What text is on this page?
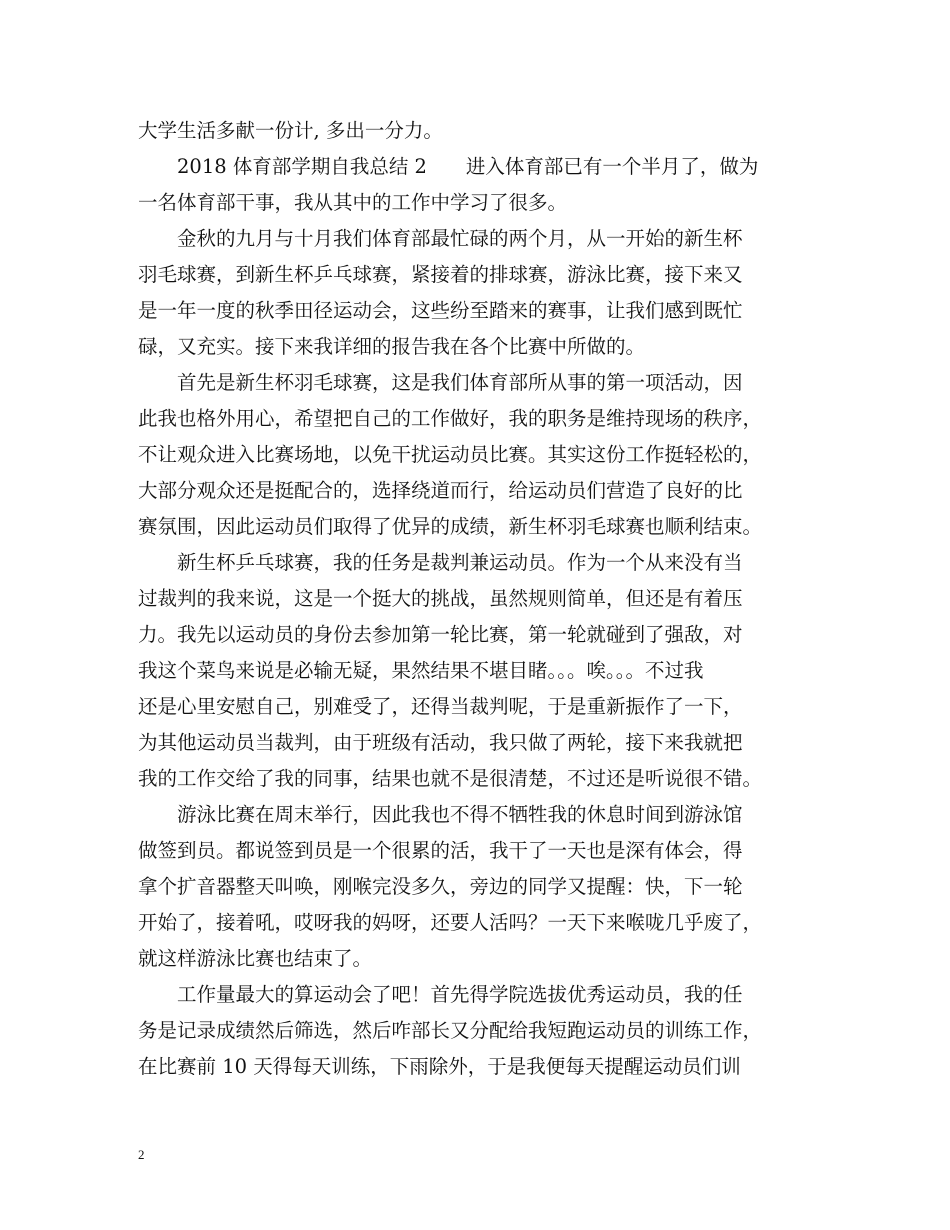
大学生活多献一份计, 多出一分力。
　　2018 体育部学期自我总结 2　　进入体育部已有一个半月了，做为
一名体育部干事，我从其中的工作中学习了很多。
　　金秋的九月与十月我们体育部最忙碌的两个月，从一开始的新生杯
羽毛球赛，到新生杯乒乓球赛，紧接着的排球赛，游泳比赛，接下来又
是一年一度的秋季田径运动会，这些纷至踏来的赛事，让我们感到既忙
碌，又充实。接下来我详细的报告我在各个比赛中所做的。
　　首先是新生杯羽毛球赛，这是我们体育部所从事的第一项活动，因
此我也格外用心，希望把自己的工作做好，我的职务是维持现场的秩序，
不让观众进入比赛场地，以免干扰运动员比赛。其实这份工作挺轻松的，
大部分观众还是挺配合的，选择绕道而行，给运动员们营造了良好的比
赛氛围，因此运动员们取得了优异的成绩，新生杯羽毛球赛也顺利结束。
　　新生杯乒乓球赛，我的任务是裁判兼运动员。作为一个从来没有当
过裁判的我来说，这是一个挺大的挑战，虽然规则简单，但还是有着压
力。我先以运动员的身份去参加第一轮比赛，第一轮就碰到了强敌，对
我这个菜鸟来说是必输无疑，果然结果不堪目睹。。。唉。。。不过我
还是心里安慰自己，别难受了，还得当裁判呢，于是重新振作了一下，
为其他运动员当裁判，由于班级有活动，我只做了两轮，接下来我就把
我的工作交给了我的同事，结果也就不是很清楚，不过还是听说很不错。
　　游泳比赛在周末举行，因此我也不得不牺牲我的休息时间到游泳馆
做签到员。都说签到员是一个很累的活，我干了一天也是深有体会，得
拿个扩音器整天叫唤，刚喉完没多久，旁边的同学又提醒：快，下一轮
开始了，接着吼，哎呀我的妈呀，还要人活吗？一天下来喉咙几乎废了，
就这样游泳比赛也结束了。
　　工作量最大的算运动会了吧！首先得学院选拔优秀运动员，我的任
务是记录成绩然后筛选，然后咋部长又分配给我短跑运动员的训练工作，
在比赛前 10 天得每天训练，下雨除外，于是我便每天提醒运动员们训
2
